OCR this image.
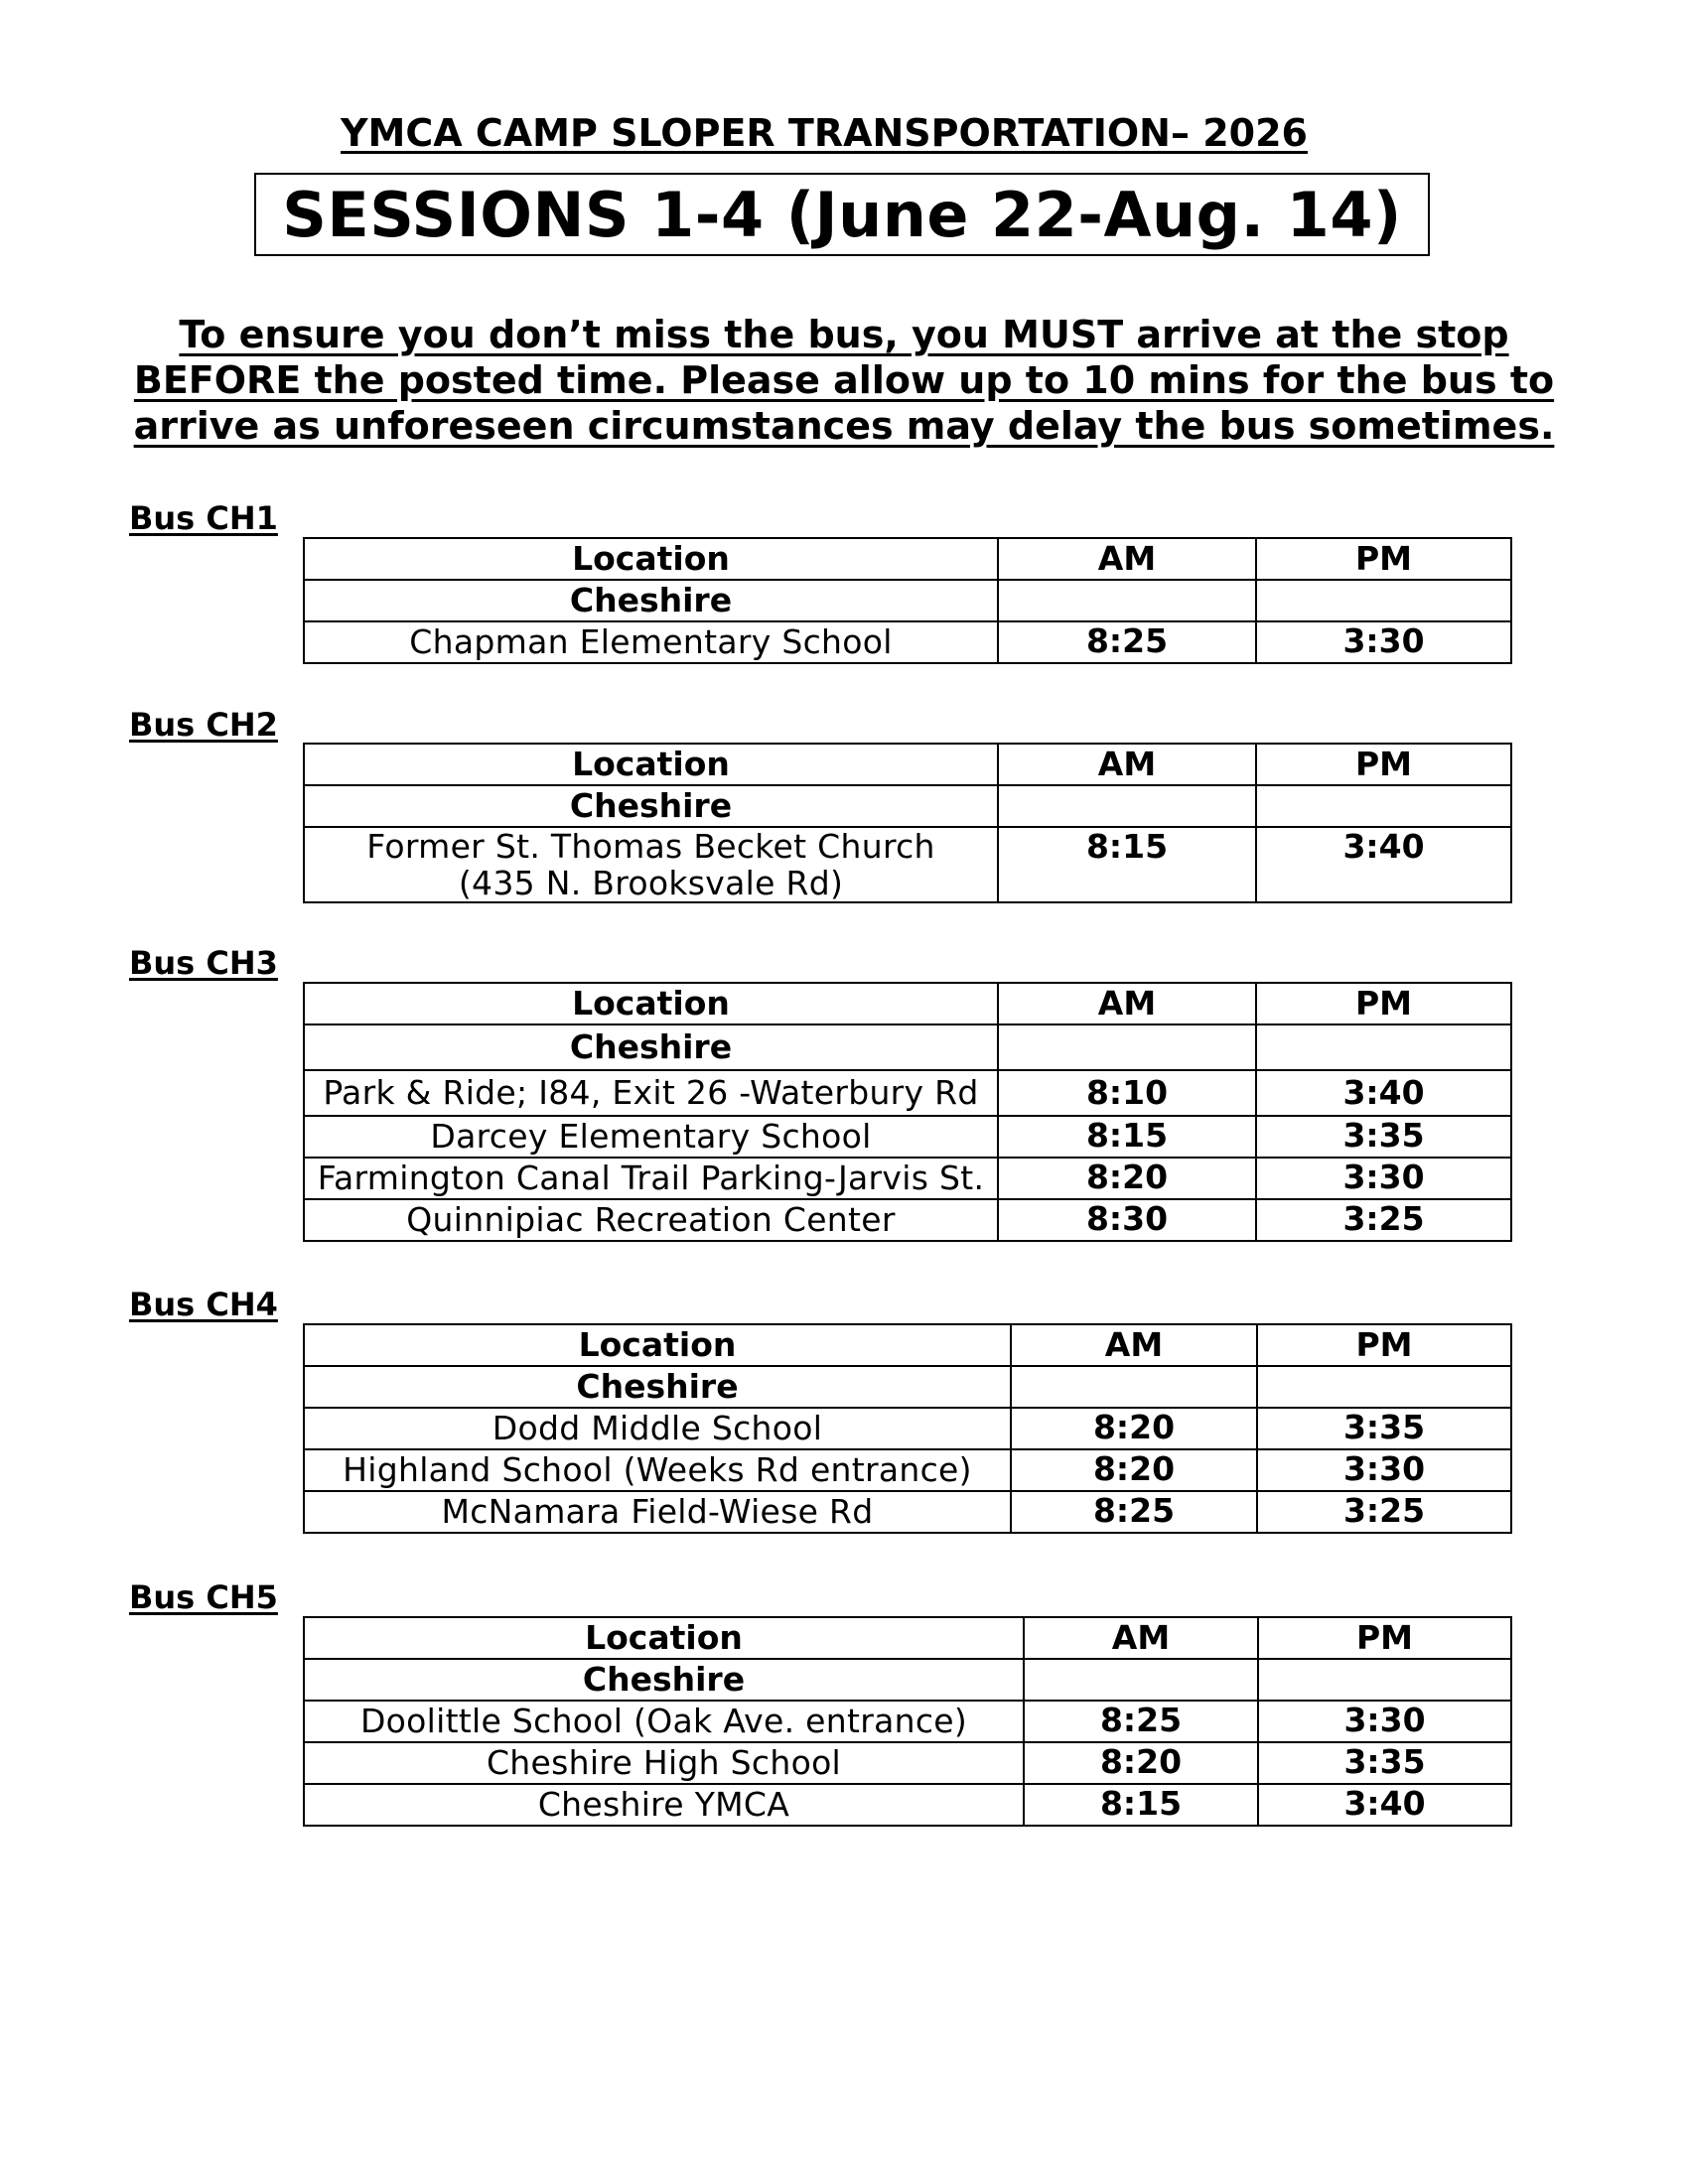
YMCA CAMP SLOPER TRANSPORTATION– 2026
SESSIONS 1-4 (June 22-Aug. 14)
To ensure you don’t miss the bus, you MUST arrive at the stop
BEFORE the posted time. Please allow up to 10 mins for the bus to
arrive as unforeseen circumstances may delay the bus sometimes.
Bus CH1
Location	AM	PM
Cheshire		
Chapman Elementary School	8:25	3:30
Bus CH2
Location	AM	PM
Cheshire		

Former St. Thomas Becket Church
(435 N. Brooksvale Rd)	8:15	3:40
Bus CH3
Location	AM	PM
Cheshire		
Park & Ride; I84, Exit 26 -Waterbury Rd	8:10	3:40
Darcey Elementary School	8:15	3:35
Farmington Canal Trail Parking-Jarvis St.	8:20	3:30
Quinnipiac Recreation Center	8:30	3:25
Bus CH4
Location	AM	PM
Cheshire		
Dodd Middle School	8:20	3:35
Highland School (Weeks Rd entrance)	8:20	3:30
McNamara Field-Wiese Rd	8:25	3:25
Bus CH5
Location	AM	PM
Cheshire		
Doolittle School (Oak Ave. entrance)	8:25	3:30
Cheshire High School	8:20	3:35
Cheshire YMCA	8:15	3:40
